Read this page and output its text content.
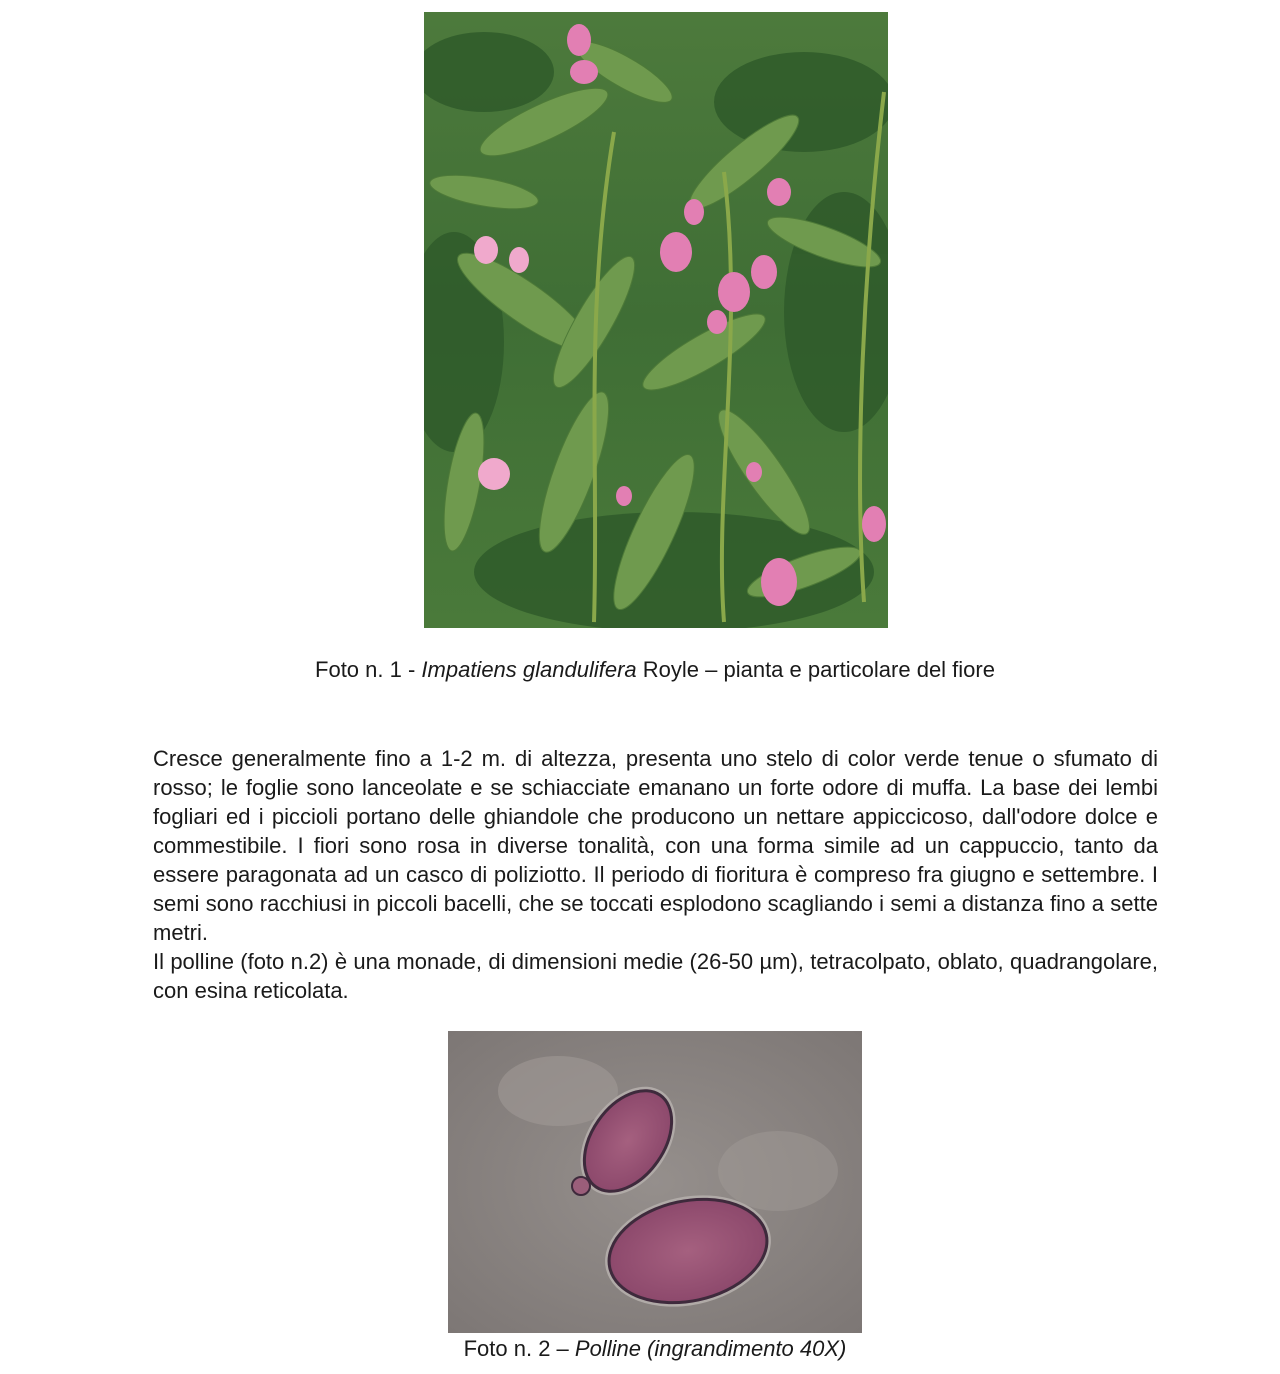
Foto n. 1 - Impatiens glandulifera Royle – pianta e particolare del fiore

Cresce generalmente fino a 1-2 m. di altezza, presenta uno stelo di color verde tenue o sfumato di rosso; le foglie sono lanceolate e se schiacciate emanano un forte odore di muffa. La base dei lembi fogliari ed i piccioli portano delle ghiandole che producono un nettare appiccicoso, dall'odore dolce e commestibile. I fiori sono rosa in diverse tonalità, con una forma simile ad un cappuccio, tanto da essere paragonata ad un casco di poliziotto. Il periodo di fioritura è compreso fra giugno e settembre. I semi sono racchiusi in piccoli bacelli, che se toccati esplodono scagliando i semi a distanza fino a sette metri.

Il polline (foto n.2) è una monade, di dimensioni medie (26-50 µm), tetracolpato, oblato, quadrangolare, con esina reticolata.

Foto n. 2 – Polline (ingrandimento 40X)
